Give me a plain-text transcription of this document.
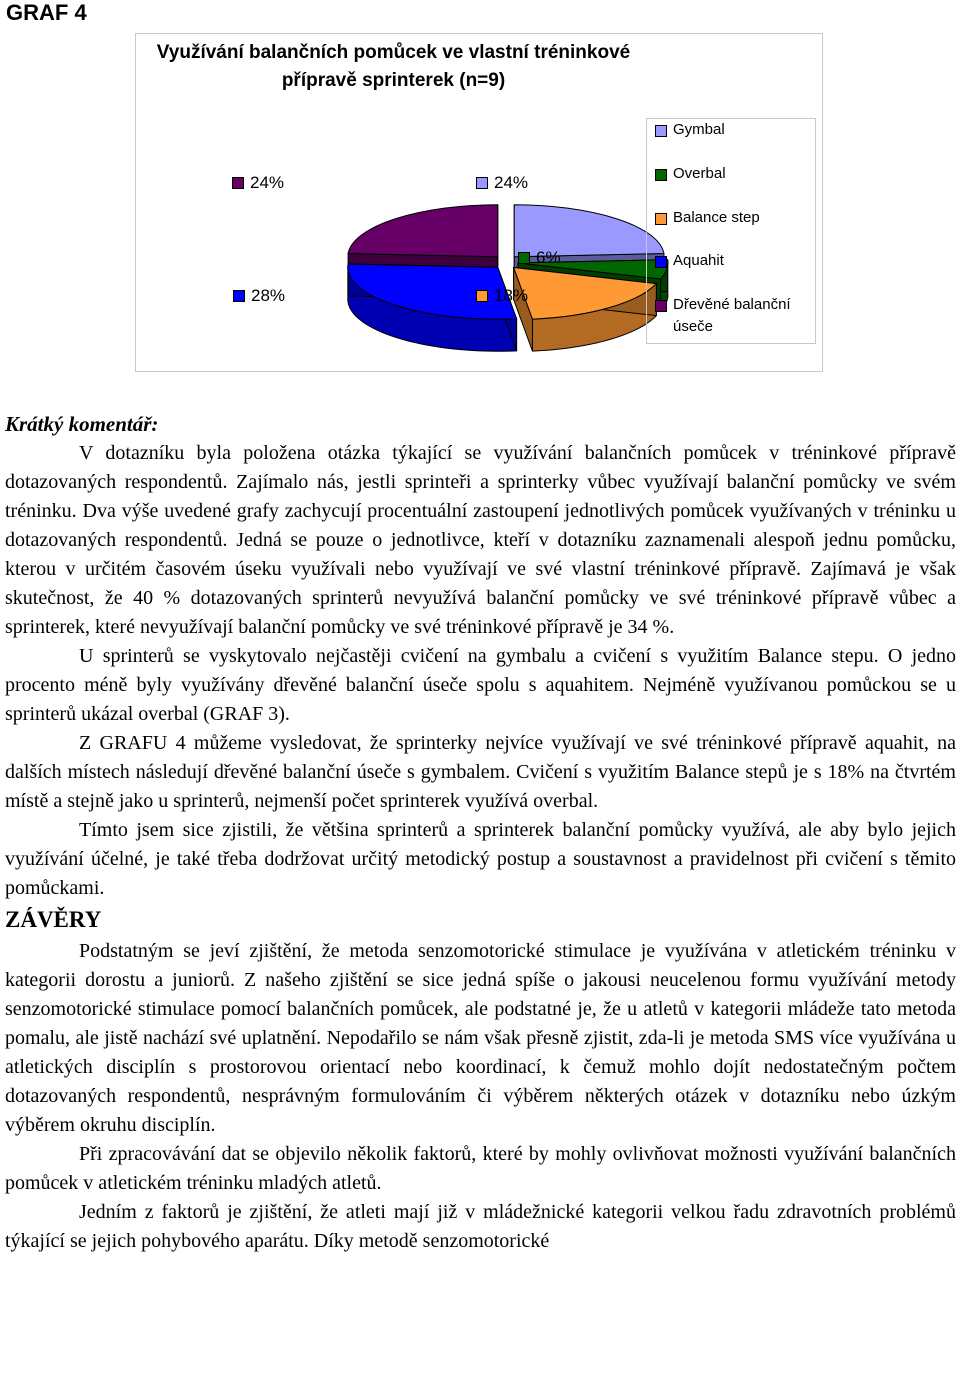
GRAF 4
Využívání balančních pomůcek ve vlastní tréninkové přípravě sprinterek (n=9)
Gymbal
Overbal
Balance step
Aquahit
Dřevěné balanční úseče
24%
6%
18%
28%
24%

Krátký komentář:

V dotazníku byla položena otázka týkající se využívání balančních pomůcek v tréninkové přípravě dotazovaných respondentů. Zajímalo nás, jestli sprinteři a sprinterky vůbec využívají balanční pomůcky ve svém tréninku. Dva výše uvedené grafy zachycují procentuální zastoupení jednotlivých pomůcek využívaných v tréninku u dotazovaných respondentů. Jedná se pouze o jednotlivce, kteří v dotazníku zaznamenali alespoň jednu pomůcku, kterou v určitém časovém úseku využívali nebo využívají ve své vlastní tréninkové přípravě. Zajímavá je však skutečnost, že 40 % dotazovaných sprinterů nevyužívá balanční pomůcky ve své tréninkové přípravě vůbec a sprinterek, které nevyužívají balanční pomůcky ve své tréninkové přípravě je 34 %.

U sprinterů se vyskytovalo nejčastěji cvičení na gymbalu a cvičení s využitím Balance stepu. O jedno procento méně byly využívány dřevěné balanční úseče spolu s aquahitem. Nejméně využívanou pomůckou se u sprinterů ukázal overbal (GRAF 3).

Z GRAFU 4 můžeme vysledovat, že sprinterky nejvíce využívají ve své tréninkové přípravě aquahit, na dalších místech následují dřevěné balanční úseče s gymbalem. Cvičení s využitím Balance stepů je s 18% na čtvrtém místě a stejně jako u sprinterů, nejmenší počet sprinterek využívá overbal.

Tímto jsem sice zjistili, že většina sprinterů a sprinterek balanční pomůcky využívá, ale aby bylo jejich využívání účelné, je také třeba dodržovat určitý metodický postup a soustavnost a pravidelnost při cvičení s těmito pomůckami.

ZÁVĚRY

Podstatným se jeví zjištění, že metoda senzomotorické stimulace je využívána v atletickém tréninku v kategorii dorostu a juniorů. Z našeho zjištění se sice jedná spíše o jakousi neucelenou formu využívání metody senzomotorické stimulace pomocí balančních pomůcek, ale podstatné je, že u atletů v kategorii mládeže tato metoda pomalu, ale jistě nachází své uplatnění. Nepodařilo se nám však přesně zjistit, zda-li je metoda SMS více využívána u atletických disciplín s prostorovou orientací nebo koordinací, k čemuž mohlo dojít nedostatečným počtem dotazovaných respondentů, nesprávným formulováním či výběrem některých otázek v dotazníku nebo úzkým výběrem okruhu disciplín.

Při zpracovávání dat se objevilo několik faktorů, které by mohly ovlivňovat možnosti využívání balančních pomůcek v atletickém tréninku mladých atletů.

Jedním z faktorů je zjištění, že atleti mají již v mládežnické kategorii velkou řadu zdravotních problémů týkající se jejich pohybového aparátu. Díky metodě senzomotorické
